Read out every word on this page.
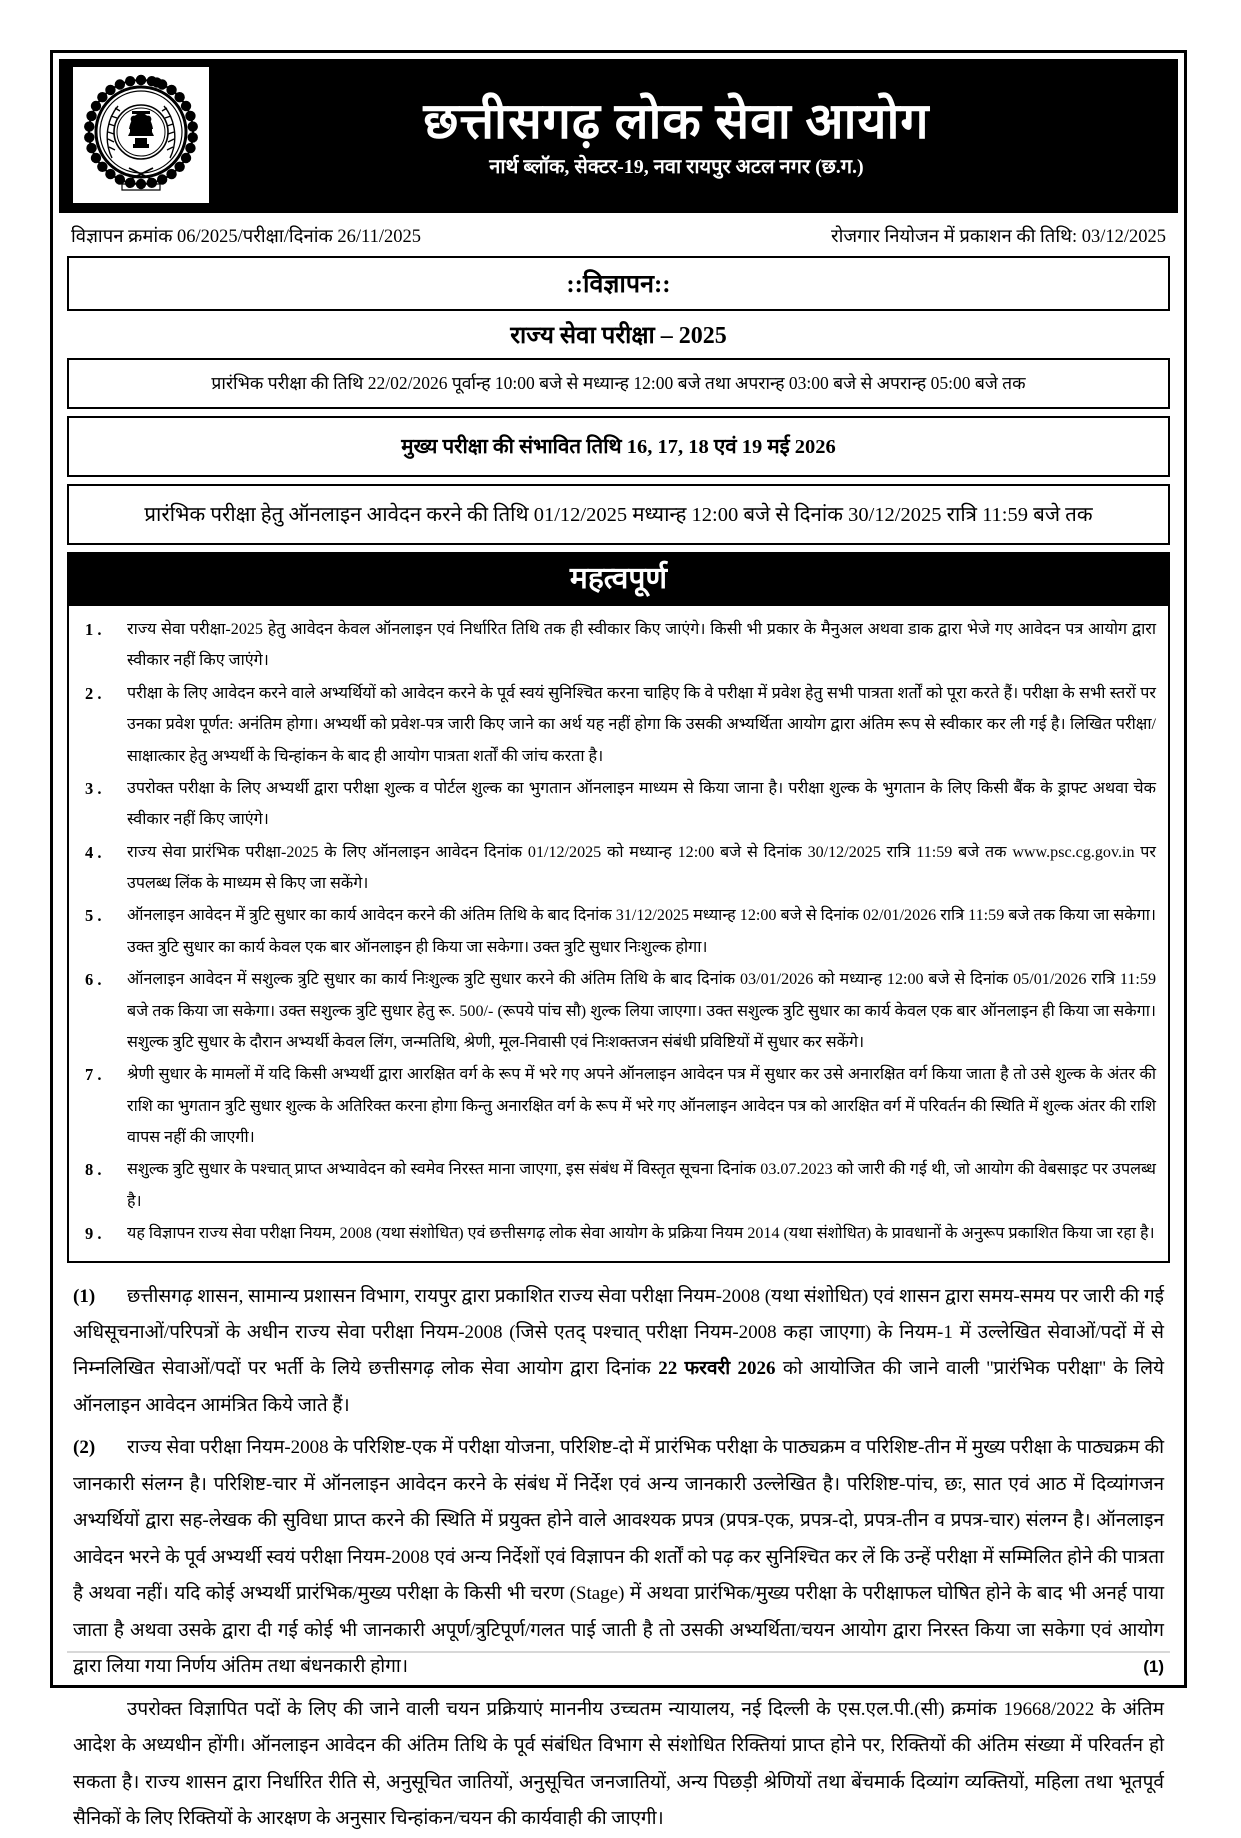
छत्तीसगढ़ लोक सेवा आयोग
नार्थ ब्लॉक, सेक्टर-19, नवा रायपुर अटल नगर (छ.ग.)
विज्ञापन क्रमांक 06/2025/परीक्षा/दिनांक 26/11/2025	रोजगार नियोजन में प्रकाशन की तिथि: 03/12/2025
::विज्ञापन::
राज्य सेवा परीक्षा – 2025
प्रारंभिक परीक्षा की तिथि 22/02/2026 पूर्वान्ह 10:00 बजे से मध्यान्ह 12:00 बजे तथा अपरान्ह 03:00 बजे से अपरान्ह 05:00 बजे तक
मुख्य परीक्षा की संभावित तिथि 16, 17, 18 एवं 19 मई 2026
प्रारंभिक परीक्षा हेतु ऑनलाइन आवेदन करने की तिथि 01/12/2025 मध्यान्ह 12:00 बजे से दिनांक 30/12/2025 रात्रि 11:59 बजे तक
महत्वपूर्ण
राज्य सेवा परीक्षा-2025 हेतु आवेदन केवल ऑनलाइन एवं निर्धारित तिथि तक ही स्वीकार किए जाएंगे। किसी भी प्रकार के मैनुअल अथवा डाक द्वारा भेजे गए आवेदन पत्र आयोग द्वारा स्वीकार नहीं किए जाएंगे।
परीक्षा के लिए आवेदन करने वाले अभ्यर्थियों को आवेदन करने के पूर्व स्वयं सुनिश्चित करना चाहिए कि वे परीक्षा में प्रवेश हेतु सभी पात्रता शर्तों को पूरा करते हैं। परीक्षा के सभी स्तरों पर उनका प्रवेश पूर्णत: अनंतिम होगा। अभ्यर्थी को प्रवेश-पत्र जारी किए जाने का अर्थ यह नहीं होगा कि उसकी अभ्यर्थिता आयोग द्वारा अंतिम रूप से स्वीकार कर ली गई है। लिखित परीक्षा/साक्षात्कार हेतु अभ्यर्थी के चिन्हांकन के बाद ही आयोग पात्रता शर्तों की जांच करता है।
उपरोक्त परीक्षा के लिए अभ्यर्थी द्वारा परीक्षा शुल्क व पोर्टल शुल्क का भुगतान ऑनलाइन माध्यम से किया जाना है। परीक्षा शुल्क के भुगतान के लिए किसी बैंक के ड्राफ्ट अथवा चेक स्वीकार नहीं किए जाएंगे।
राज्य सेवा प्रारंभिक परीक्षा-2025 के लिए ऑनलाइन आवेदन दिनांक 01/12/2025 को मध्यान्ह 12:00 बजे से दिनांक 30/12/2025 रात्रि 11:59 बजे तक www.psc.cg.gov.in पर उपलब्ध लिंक के माध्यम से किए जा सकेंगे।
ऑनलाइन आवेदन में त्रुटि सुधार का कार्य आवेदन करने की अंतिम तिथि के बाद दिनांक 31/12/2025 मध्यान्ह 12:00 बजे से दिनांक 02/01/2026 रात्रि 11:59 बजे तक किया जा सकेगा। उक्त त्रुटि सुधार का कार्य केवल एक बार ऑनलाइन ही किया जा सकेगा। उक्त त्रुटि सुधार निःशुल्क होगा।
ऑनलाइन आवेदन में सशुल्क त्रुटि सुधार का कार्य निःशुल्क त्रुटि सुधार करने की अंतिम तिथि के बाद दिनांक 03/01/2026 को मध्यान्ह 12:00 बजे से दिनांक 05/01/2026 रात्रि 11:59 बजे तक किया जा सकेगा। उक्त सशुल्क त्रुटि सुधार हेतु रू. 500/- (रूपये पांच सौ) शुल्क लिया जाएगा। उक्त सशुल्क त्रुटि सुधार का कार्य केवल एक बार ऑनलाइन ही किया जा सकेगा। सशुल्क त्रुटि सुधार के दौरान अभ्यर्थी केवल लिंग, जन्मतिथि, श्रेणी, मूल-निवासी एवं निःशक्तजन संबंधी प्रविष्टियों में सुधार कर सकेंगे।
श्रेणी सुधार के मामलों में यदि किसी अभ्यर्थी द्वारा आरक्षित वर्ग के रूप में भरे गए अपने ऑनलाइन आवेदन पत्र में सुधार कर उसे अनारक्षित वर्ग किया जाता है तो उसे शुल्क के अंतर की राशि का भुगतान त्रुटि सुधार शुल्क के अतिरिक्त करना होगा किन्तु अनारक्षित वर्ग के रूप में भरे गए ऑनलाइन आवेदन पत्र को आरक्षित वर्ग में परिवर्तन की स्थिति में शुल्क अंतर की राशि वापस नहीं की जाएगी।
सशुल्क त्रुटि सुधार के पश्चात् प्राप्त अभ्यावेदन को स्वमेव निरस्त माना जाएगा, इस संबंध में विस्तृत सूचना दिनांक 03.07.2023 को जारी की गई थी, जो आयोग की वेबसाइट पर उपलब्ध है।
यह विज्ञापन राज्य सेवा परीक्षा नियम, 2008 (यथा संशोधित) एवं छत्तीसगढ़ लोक सेवा आयोग के प्रक्रिया नियम 2014 (यथा संशोधित) के प्रावधानों के अनुरूप प्रकाशित किया जा रहा है।

(1) छत्तीसगढ़ शासन, सामान्य प्रशासन विभाग, रायपुर द्वारा प्रकाशित राज्य सेवा परीक्षा नियम-2008 (यथा संशोधित) एवं शासन द्वारा समय-समय पर जारी की गई अधिसूचनाओं/परिपत्रों के अधीन राज्य सेवा परीक्षा नियम-2008 (जिसे एतद् पश्चात् परीक्षा नियम-2008 कहा जाएगा) के नियम-1 में उल्लेखित सेवाओं/पदों में से निम्नलिखित सेवाओं/पदों पर भर्ती के लिये छत्तीसगढ़ लोक सेवा आयोग द्वारा दिनांक 22 फरवरी 2026 को आयोजित की जाने वाली ''प्रारंभिक परीक्षा'' के लिये ऑनलाइन आवेदन आमंत्रित किये जाते हैं।

(2) राज्य सेवा परीक्षा नियम-2008 के परिशिष्ट-एक में परीक्षा योजना, परिशिष्ट-दो में प्रारंभिक परीक्षा के पाठ्यक्रम व परिशिष्ट-तीन में मुख्य परीक्षा के पाठ्यक्रम की जानकारी संलग्न है। परिशिष्ट-चार में ऑनलाइन आवेदन करने के संबंध में निर्देश एवं अन्य जानकारी उल्लेखित है। परिशिष्ट-पांच, छः, सात एवं आठ में दिव्यांगजन अभ्यर्थियों द्वारा सह-लेखक की सुविधा प्राप्त करने की स्थिति में प्रयुक्त होने वाले आवश्यक प्रपत्र (प्रपत्र-एक, प्रपत्र-दो, प्रपत्र-तीन व प्रपत्र-चार) संलग्न है। ऑनलाइन आवेदन भरने के पूर्व अभ्यर्थी स्वयं परीक्षा नियम-2008 एवं अन्य निर्देशों एवं विज्ञापन की शर्तों को पढ़ कर सुनिश्चित कर लें कि उन्हें परीक्षा में सम्मिलित होने की पात्रता है अथवा नहीं। यदि कोई अभ्यर्थी प्रारंभिक/मुख्य परीक्षा के किसी भी चरण (Stage) में अथवा प्रारंभिक/मुख्य परीक्षा के परीक्षाफल घोषित होने के बाद भी अनर्ह पाया जाता है अथवा उसके द्वारा दी गई कोई भी जानकारी अपूर्ण/त्रुटिपूर्ण/गलत पाई जाती है तो उसकी अभ्यर्थिता/चयन आयोग द्वारा निरस्त किया जा सकेगा एवं आयोग द्वारा लिया गया निर्णय अंतिम तथा बंधनकारी होगा।

उपरोक्त विज्ञापित पदों के लिए की जाने वाली चयन प्रक्रियाएं माननीय उच्चतम न्यायालय, नई दिल्ली के एस.एल.पी.(सी) क्रमांक 19668/2022 के अंतिम आदेश के अध्यधीन होंगी। ऑनलाइन आवेदन की अंतिम तिथि के पूर्व संबंधित विभाग से संशोधित रिक्तियां प्राप्त होने पर, रिक्तियों की अंतिम संख्या में परिवर्तन हो सकता है। राज्य शासन द्वारा निर्धारित रीति से, अनुसूचित जातियों, अनुसूचित जनजातियों, अन्य पिछड़ी श्रेणियों तथा बेंचमार्क दिव्यांग व्यक्तियों, महिला तथा भूतपूर्व सैनिकों के लिए रिक्तियों के आरक्षण के अनुसार चिन्हांकन/चयन की कार्यवाही की जाएगी।

(1)
